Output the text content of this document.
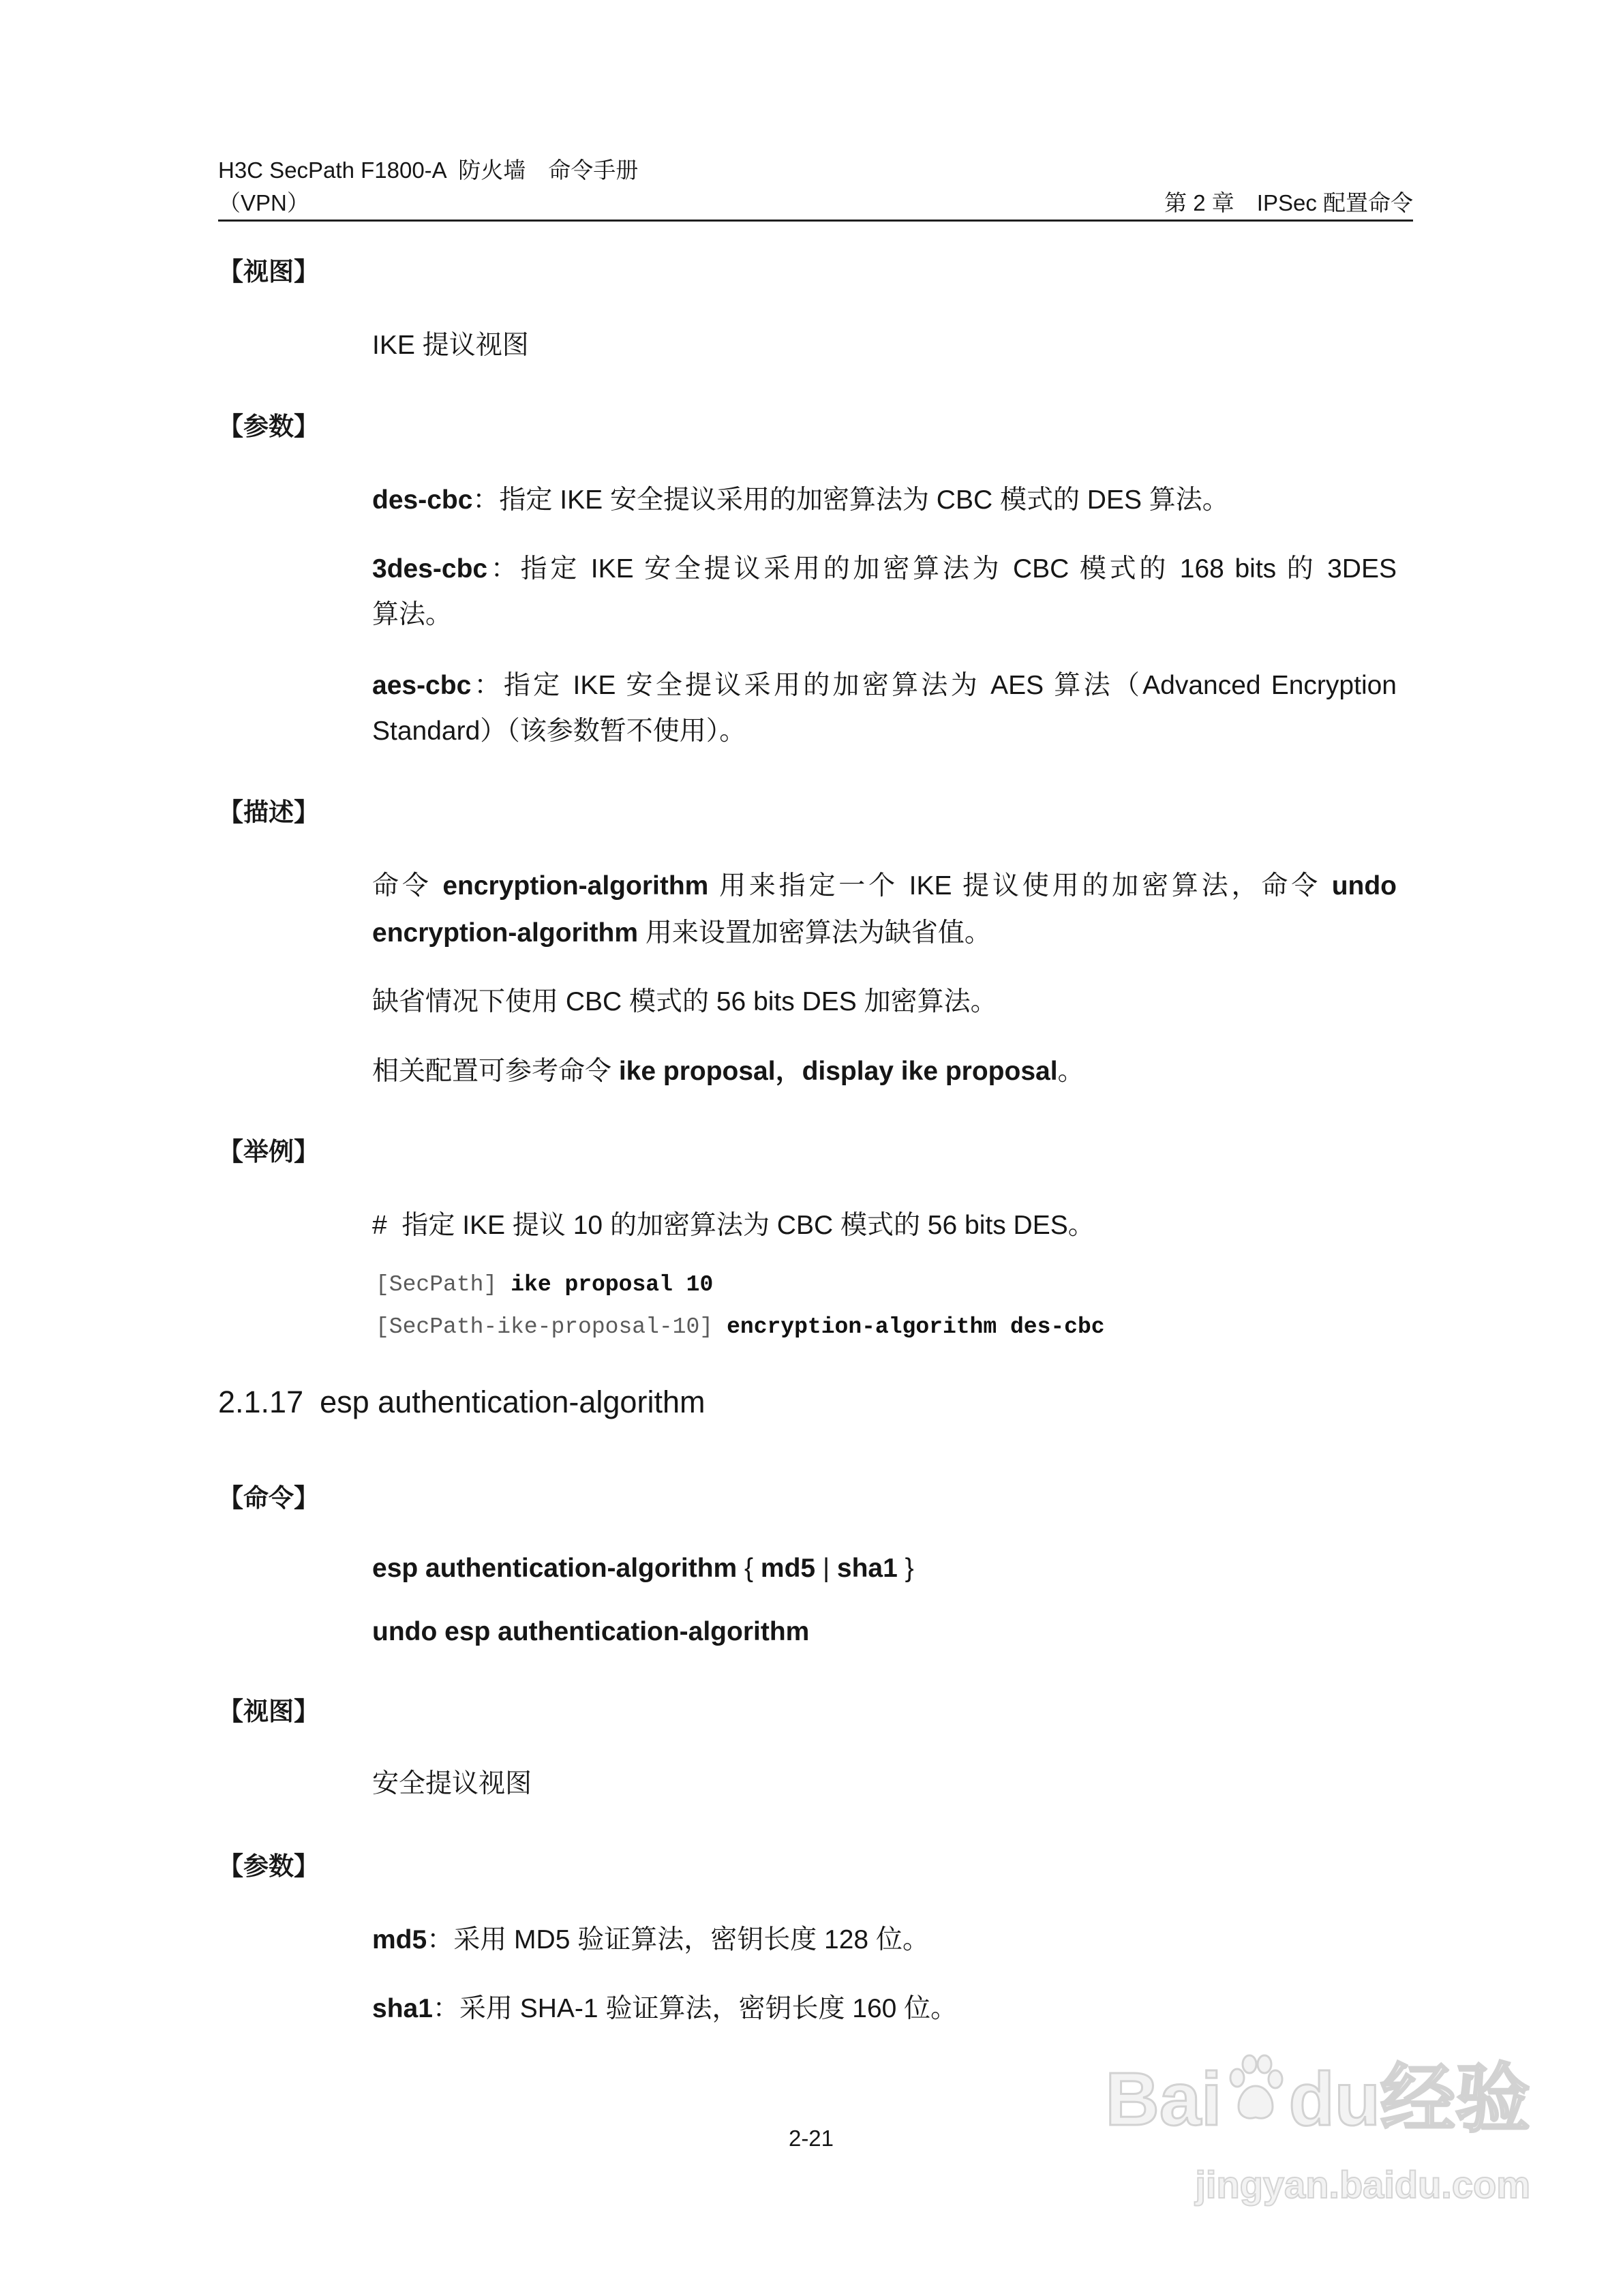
H3C SecPath F1800-A  防火墙　命令手册
（VPN）	第 2 章　IPSec 配置命令
【视图】
IKE 提议视图
【参数】
des-cbc：指定 IKE 安全提议采用的加密算法为 CBC 模式的 DES 算法。
3des-cbc：指定 IKE 安全提议采用的加密算法为 CBC 模式的 168 bits 的 3DES
算法。
aes-cbc：指定 IKE 安全提议采用的加密算法为 AES 算法（Advanced Encryption
Standard）（该参数暂不使用）。
【描述】
命令 encryption-algorithm 用来指定一个 IKE 提议使用的加密算法，命令 undo
encryption-algorithm 用来设置加密算法为缺省值。
缺省情况下使用 CBC 模式的 56 bits DES 加密算法。
相关配置可参考命令 ike proposal，display ike proposal。
【举例】
#  指定 IKE 提议 10 的加密算法为 CBC 模式的 56 bits DES。
[SecPath] ike proposal 10
[SecPath-ike-proposal-10] encryption-algorithm des-cbc
2.1.17 esp authentication-algorithm
【命令】
esp authentication-algorithm { md5 | sha1 }
undo esp authentication-algorithm
【视图】
安全提议视图
【参数】
md5：采用 MD5 验证算法，密钥长度 128 位。
sha1：采用 SHA-1 验证算法，密钥长度 160 位。
2-21	Bai du经验
jingyan.baidu.com
